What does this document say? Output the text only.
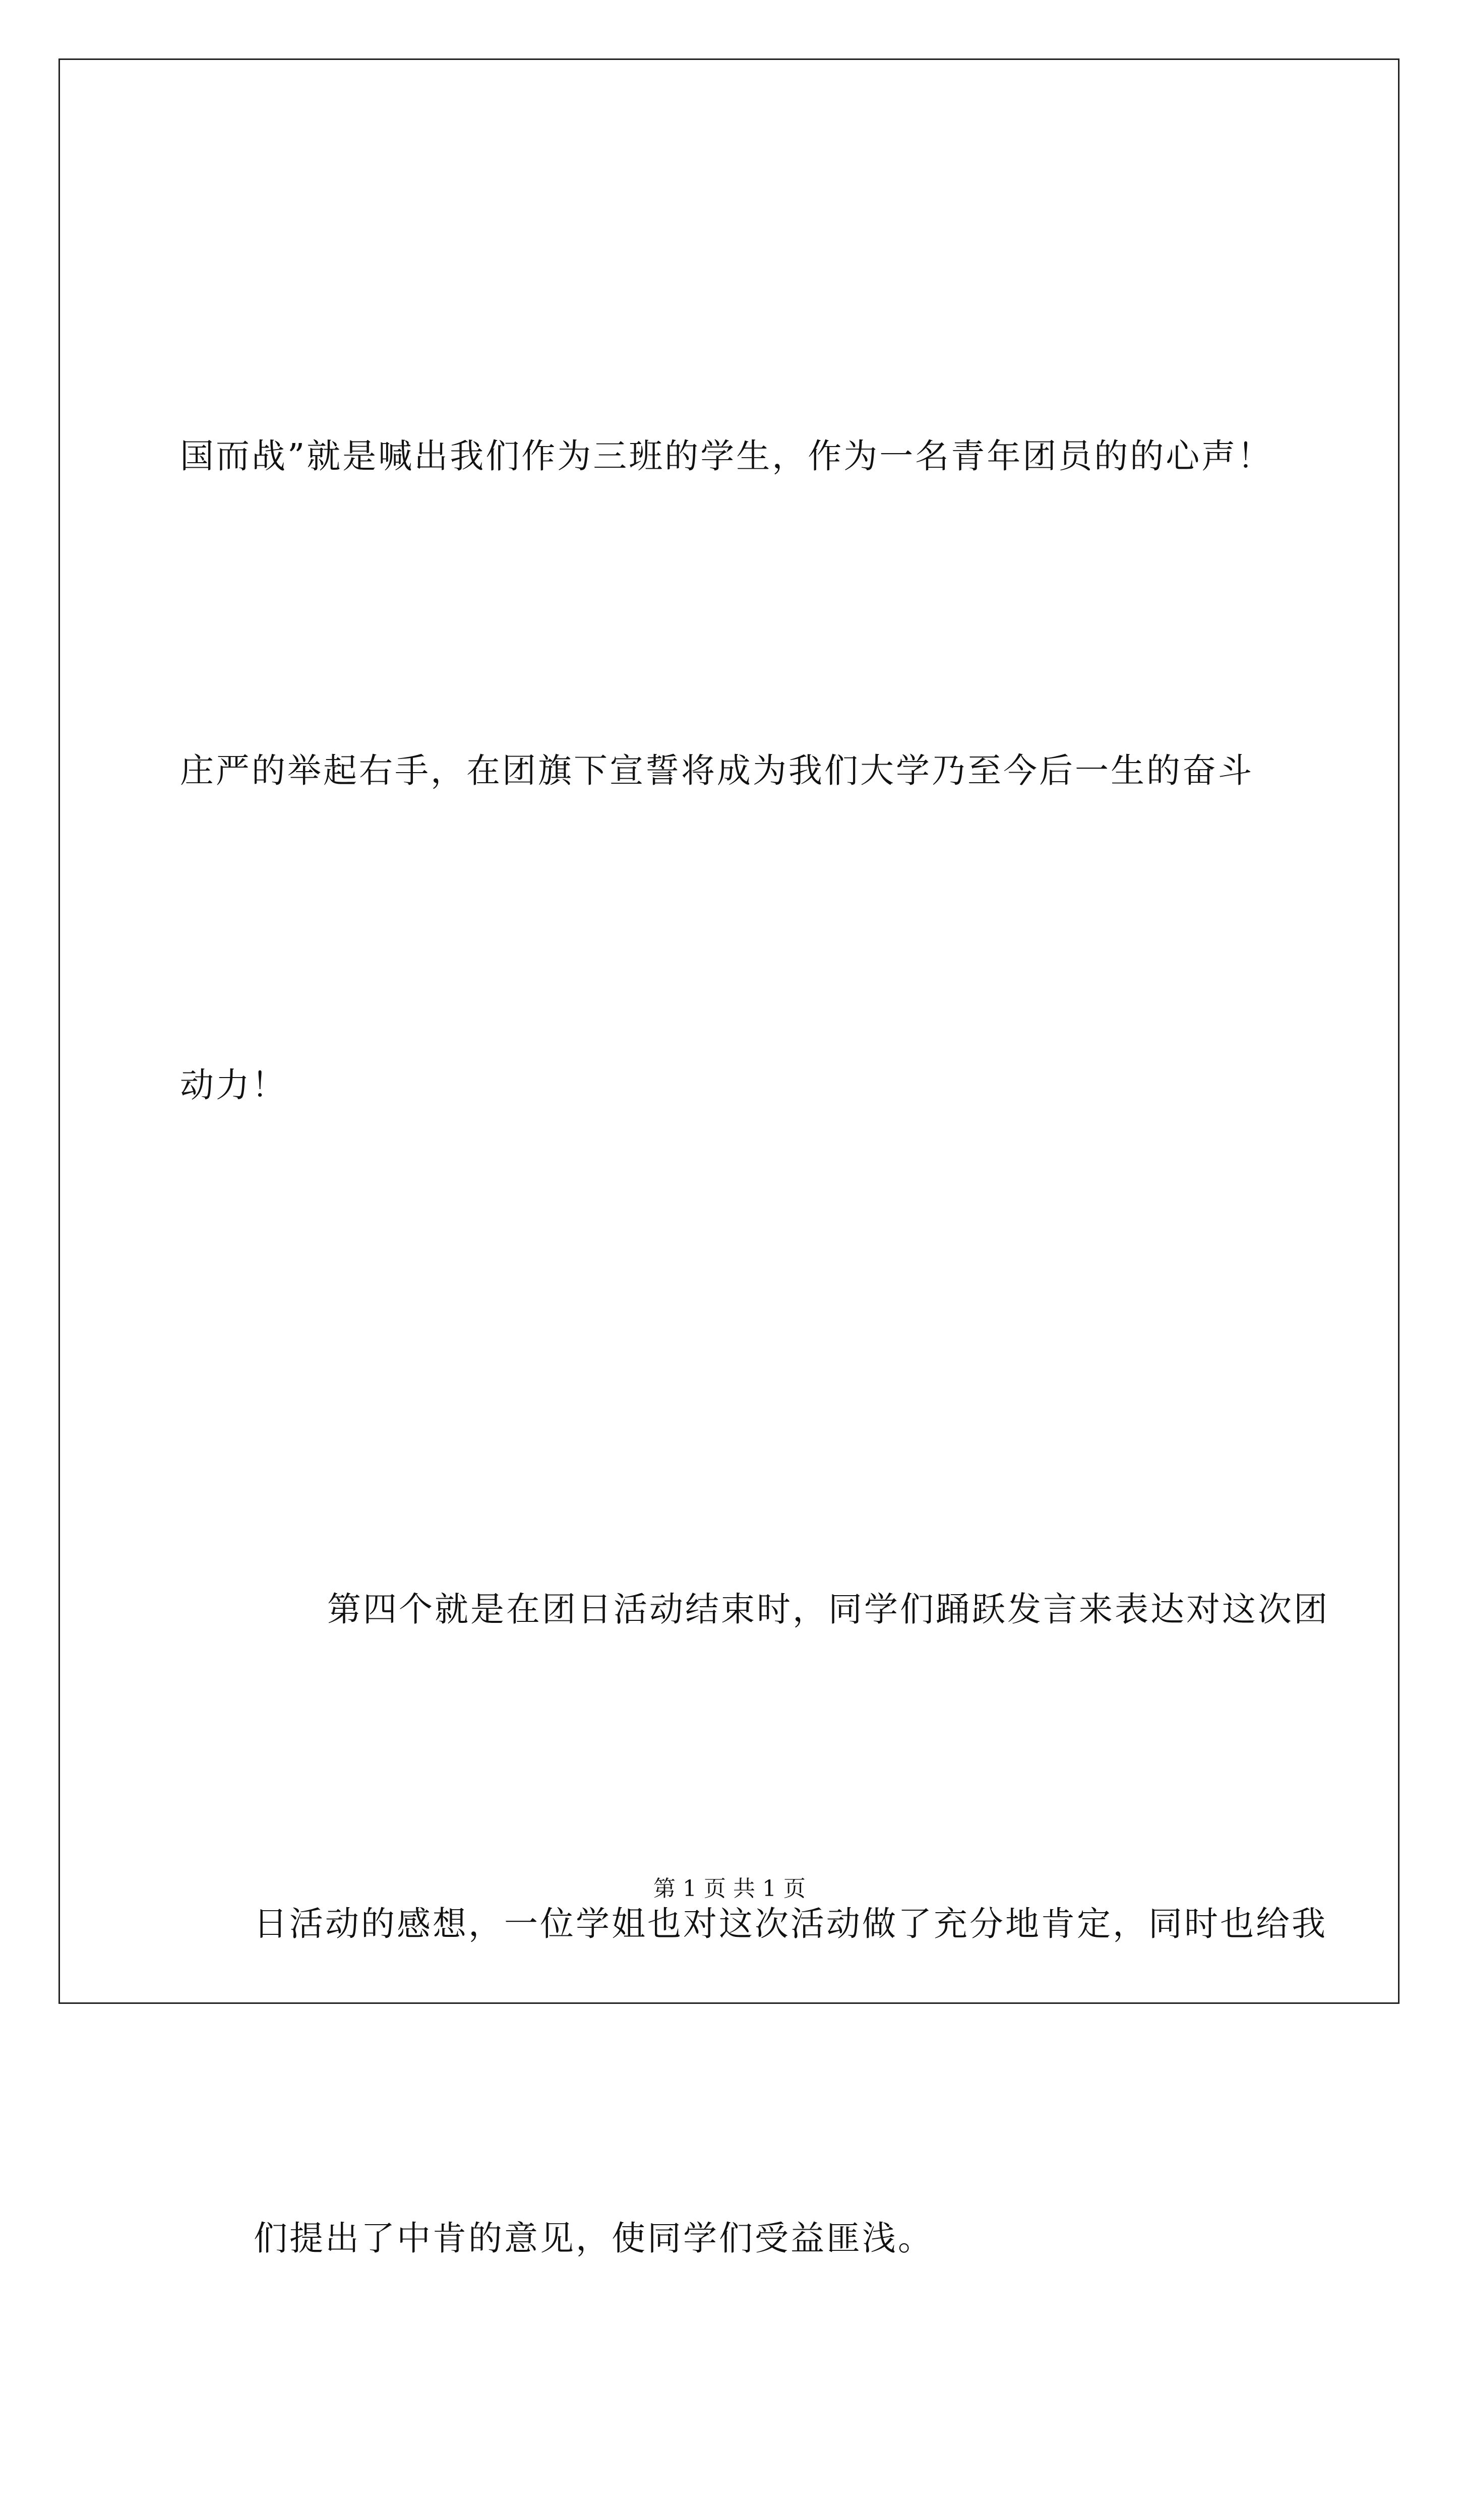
国而战”就是喊出我们作为三班的学生，作为一名青年团员的的心声！

庄严的举起右手，在团旗下宣誓将成为我们大学乃至今后一生的奋斗

动力！

第四个就是在团日活动结束时，同学们踊跃发言来表达对这次团

日活动的感想，一位学姐也对这次活动做了充分地肯定，同时也给我

们提出了中肯的意见，使同学们受益匪浅。

第 1 页 共 1 页
